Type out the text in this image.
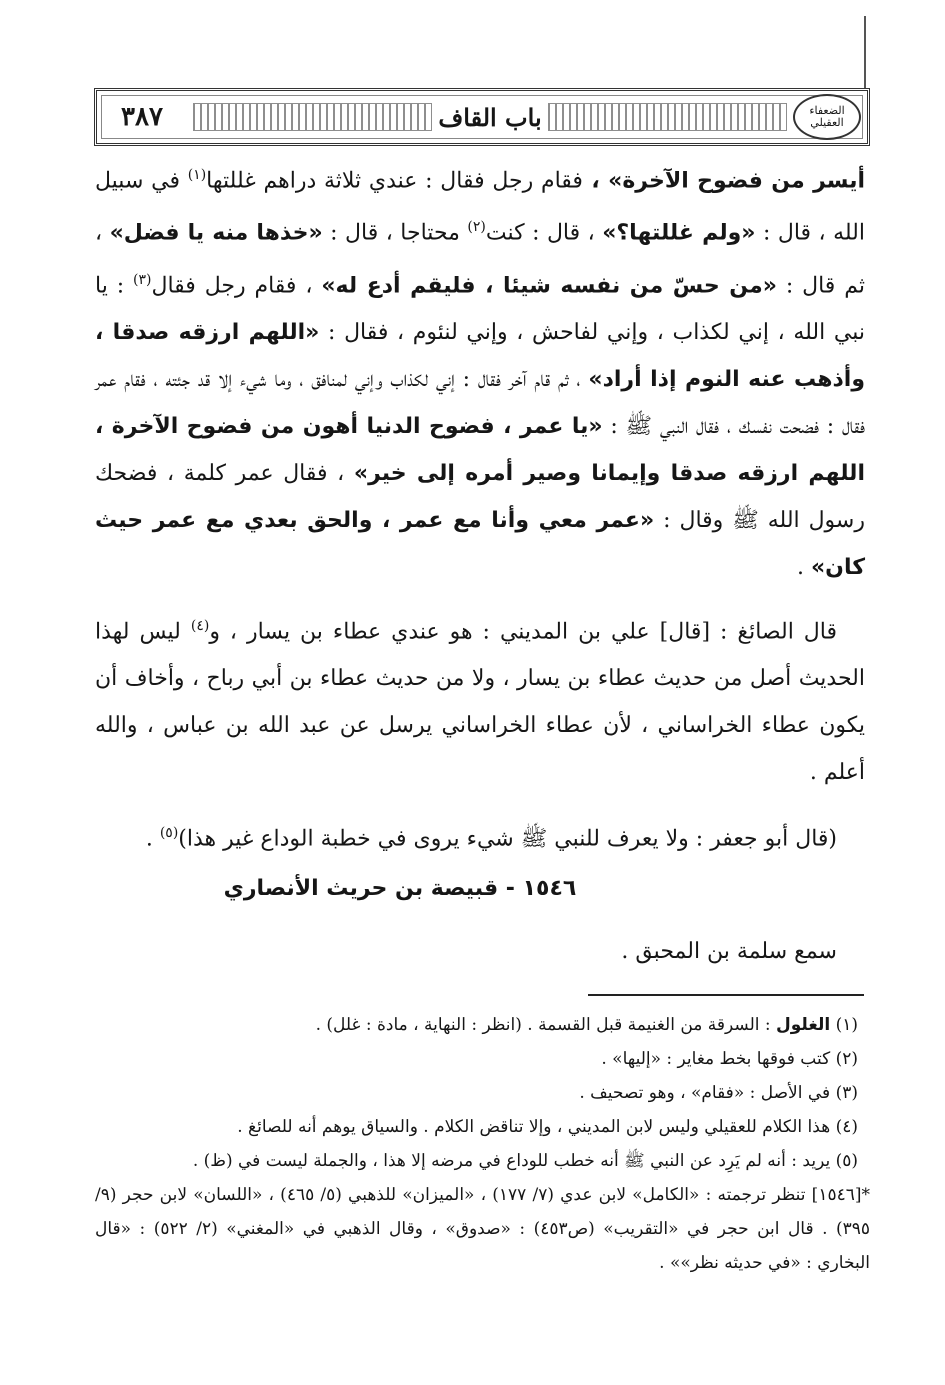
٣٨٧	باب القاف	الضعفاء العقيلي

أيسر من فضوح الآخرة» ، فقام رجل فقال : عندي ثلاثة دراهم غللتها$^{(١)}$ في سبيل الله ، قال : «ولم غللتها؟» ، قال : كنت$^{(٢)}$ محتاجا ، قال : «خذها منه يا فضل» ، ثم قال : «من حسّ من نفسه شيئا ، فليقم أدع له» ، فقام رجل فقال$^{(٣)}$ : يا نبي الله ، إني لكذاب ، وإني لفاحش ، وإني لنئوم ، فقال : «اللهم ارزقه صدقا ، وأذهب عنه النوم إذا أراد» ، ثم قام آخر فقال : إني لكذاب وإني لمنافق ، وما شيء إلا قد جئته ، فقام عمر فقال : فضحت نفسك ، فقال النبي ﷺ : «يا عمر ، فضوح الدنيا أهون من فضوح الآخرة ، اللهم ارزقه صدقا وإيمانا وصير أمره إلى خير» ، فقال عمر كلمة ، فضحك رسول الله ﷺ وقال : «عمر معي وأنا مع عمر ، والحق بعدي مع عمر حيث كان» .

قال الصائغ : [قال] علي بن المديني : هو عندي عطاء بن يسار ، و$^{(٤)}$ ليس لهذا الحديث أصل من حديث عطاء بن يسار ، ولا من حديث عطاء بن أبي رباح ، وأخاف أن يكون عطاء الخراساني ، لأن عطاء الخراساني يرسل عن عبد الله بن عباس ، والله أعلم .

(قال أبو جعفر : ولا يعرف للنبي ﷺ شيء يروى في خطبة الوداع غير هذا)$^{(٥)}$ .

١٥٤٦ - قبيصة بن حريث الأنصاري
سمع سلمة بن المحبق .

(١) الغلول : السرقة من الغنيمة قبل القسمة . (انظر : النهاية ، مادة : غلل) .

(٢) كتب فوقها بخط مغاير : «إليها» .

(٣) في الأصل : «فقام» ، وهو تصحيف .

(٤) هذا الكلام للعقيلي وليس لابن المديني ، وإلا تناقض الكلام . والسياق يوهم أنه للصائغ .

(٥) يريد : أنه لم يَرِد عن النبي ﷺ أنه خطب للوداع في مرضه إلا هذا ، والجملة ليست في (ظ) .

*[١٥٤٦] تنظر ترجمته : «الكامل» لابن عدي (٧/ ١٧٧) ، «الميزان» للذهبي (٥/ ٤٦٥) ، «اللسان» لابن حجر (٩/ ٣٩٥) . قال ابن حجر في «التقريب» (ص٤٥٣) : «صدوق» ، وقال الذهبي في «المغني» (٢/ ٥٢٢) : «قال البخاري : «في حديثه نظر»» .
